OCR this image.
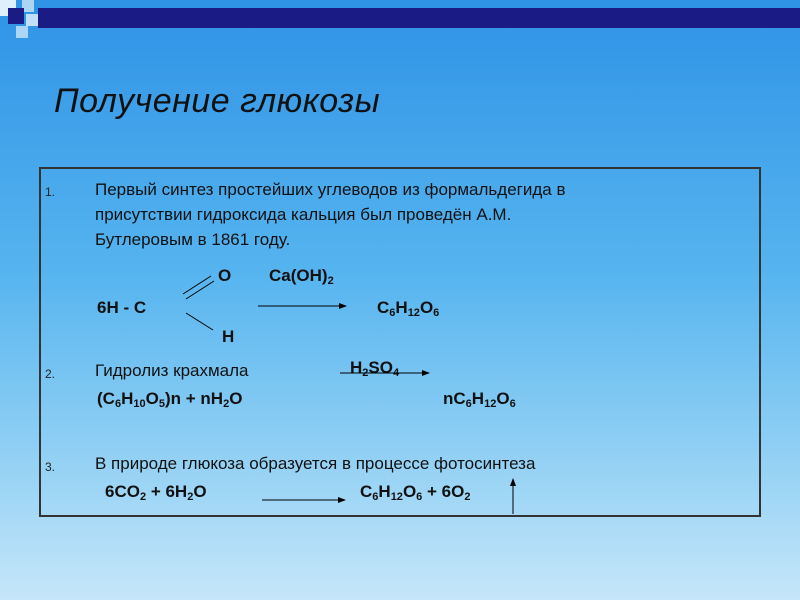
Получение глюкозы
1. Первый синтез простейших углеводов из формальдегида в
присутствии гидроксида кальция был проведён А.М.
Бутлеровым в 1861 году.
O $Ca(OH)_2$
6H - C	$C_6H_{12}O_6$
H
2. Гидролиз крахмала	$H_2SO_4$
$(C_6H_{10}O_5)n + nH_2O$	$nC_6H_{12}O_6$
3. В природе глюкоза образуется в процессе фотосинтеза
$6CO_2 + 6H_2O$	$C_6H_{12}O_6 + 6O_2$
